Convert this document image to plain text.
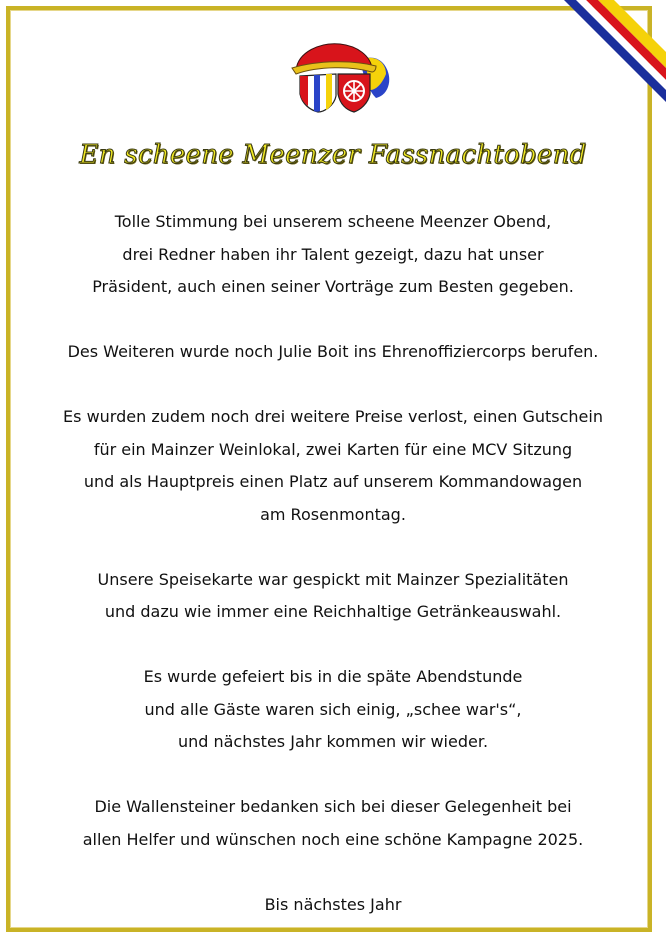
En scheene Meenzer Fassnachtobend

Tolle Stimmung bei unserem scheene Meenzer Obend,
drei Redner haben ihr Talent gezeigt, dazu hat unser
Präsident, auch einen seiner Vorträge zum Besten gegeben.

Des Weiteren wurde noch Julie Boit ins Ehrenoffiziercorps berufen.

Es wurden zudem noch drei weitere Preise verlost, einen Gutschein
für ein Mainzer Weinlokal, zwei Karten für eine MCV Sitzung
und als Hauptpreis einen Platz auf unserem Kommandowagen
am Rosenmontag.

Unsere Speisekarte war gespickt mit Mainzer Spezialitäten
und dazu wie immer eine Reichhaltige Getränkeauswahl.

Es wurde gefeiert bis in die späte Abendstunde
und alle Gäste waren sich einig, „schee war's“,
und nächstes Jahr kommen wir wieder.

Die Wallensteiner bedanken sich bei dieser Gelegenheit bei
allen Helfer und wünschen noch eine schöne Kampagne 2025.

Bis nächstes Jahr
